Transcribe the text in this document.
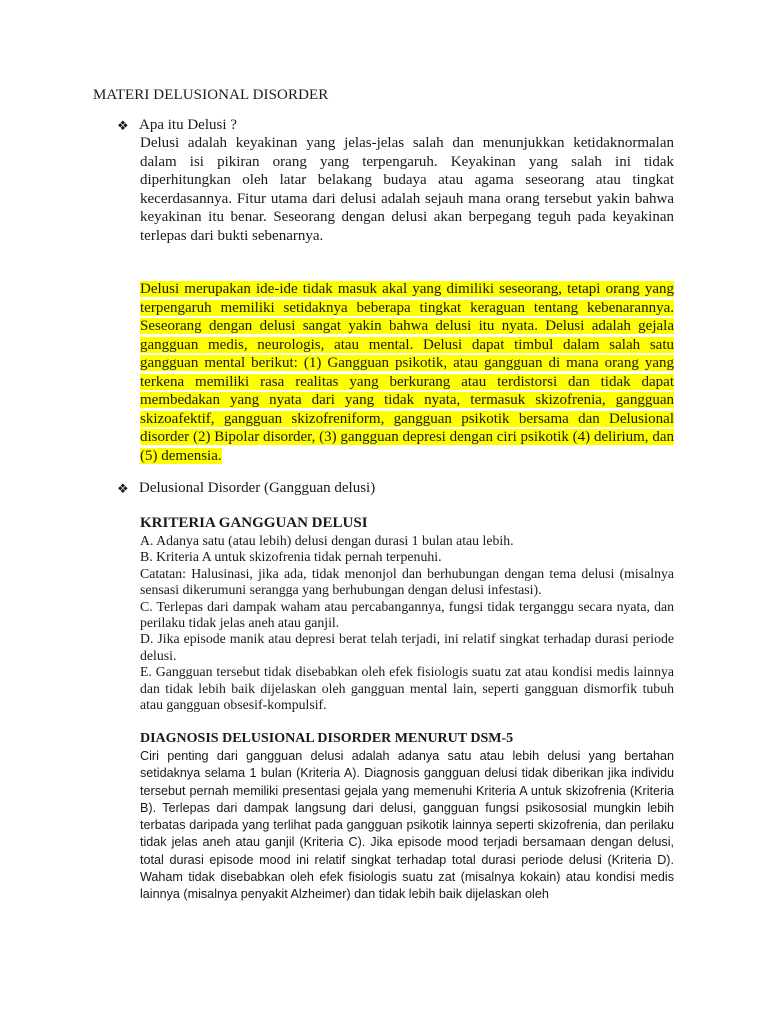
MATERI DELUSIONAL DISORDER
❖ Apa itu Delusi ?

Delusi adalah keyakinan yang jelas-jelas salah dan menunjukkan ketidaknormalan dalam isi pikiran orang yang terpengaruh. Keyakinan yang salah ini tidak diperhitungkan oleh latar belakang budaya atau agama seseorang atau tingkat kecerdasannya. Fitur utama dari delusi adalah sejauh mana orang tersebut yakin bahwa keyakinan itu benar. Seseorang dengan delusi akan berpegang teguh pada keyakinan terlepas dari bukti sebenarnya.

Delusi merupakan ide-ide tidak masuk akal yang dimiliki seseorang, tetapi orang yang terpengaruh memiliki setidaknya beberapa tingkat keraguan tentang kebenarannya. Seseorang dengan delusi sangat yakin bahwa delusi itu nyata. Delusi adalah gejala gangguan medis, neurologis, atau mental. Delusi dapat timbul dalam salah satu gangguan mental berikut: (1) Gangguan psikotik, atau gangguan di mana orang yang terkena memiliki rasa realitas yang berkurang atau terdistorsi dan tidak dapat membedakan yang nyata dari yang tidak nyata, termasuk skizofrenia, gangguan skizoafektif, gangguan skizofreniform, gangguan psikotik bersama dan Delusional disorder (2) Bipolar disorder, (3) gangguan depresi dengan ciri psikotik (4) delirium, dan (5) demensia.

❖ Delusional Disorder (Gangguan delusi)
KRITERIA GANGGUAN DELUSI
A. Adanya satu (atau lebih) delusi dengan durasi 1 bulan atau lebih.
B. Kriteria A untuk skizofrenia tidak pernah terpenuhi.
Catatan: Halusinasi, jika ada, tidak menonjol dan berhubungan dengan tema delusi (misalnya sensasi dikerumuni serangga yang berhubungan dengan delusi infestasi).
C. Terlepas dari dampak waham atau percabangannya, fungsi tidak terganggu secara nyata, dan perilaku tidak jelas aneh atau ganjil.
D. Jika episode manik atau depresi berat telah terjadi, ini relatif singkat terhadap durasi periode delusi.
E. Gangguan tersebut tidak disebabkan oleh efek fisiologis suatu zat atau kondisi medis lainnya dan tidak lebih baik dijelaskan oleh gangguan mental lain, seperti gangguan dismorfik tubuh atau gangguan obsesif-kompulsif.
DIAGNOSIS DELUSIONAL DISORDER MENURUT DSM-5

Ciri penting dari gangguan delusi adalah adanya satu atau lebih delusi yang bertahan setidaknya selama 1 bulan (Kriteria A). Diagnosis gangguan delusi tidak diberikan jika individu tersebut pernah memiliki presentasi gejala yang memenuhi Kriteria A untuk skizofrenia (Kriteria B). Terlepas dari dampak langsung dari delusi, gangguan fungsi psikososial mungkin lebih terbatas daripada yang terlihat pada gangguan psikotik lainnya seperti skizofrenia, dan perilaku tidak jelas aneh atau ganjil (Kriteria C). Jika episode mood terjadi bersamaan dengan delusi, total durasi episode mood ini relatif singkat terhadap total durasi periode delusi (Kriteria D). Waham tidak disebabkan oleh efek fisiologis suatu zat (misalnya kokain) atau kondisi medis lainnya (misalnya penyakit Alzheimer) dan tidak lebih baik dijelaskan oleh
